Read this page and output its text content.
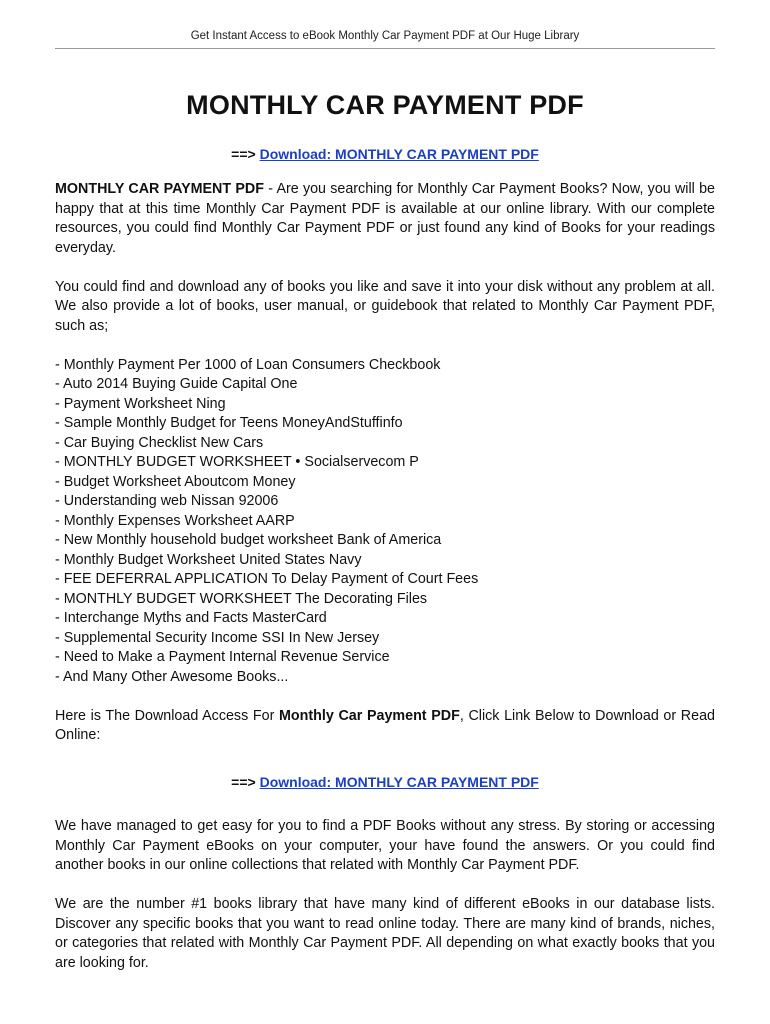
Get Instant Access to eBook Monthly Car Payment PDF at Our Huge Library
MONTHLY CAR PAYMENT PDF
==> Download: MONTHLY CAR PAYMENT PDF

MONTHLY CAR PAYMENT PDF - Are you searching for Monthly Car Payment Books? Now, you will be happy that at this time Monthly Car Payment PDF is available at our online library. With our complete resources, you could find Monthly Car Payment PDF or just found any kind of Books for your readings everyday.

You could find and download any of books you like and save it into your disk without any problem at all. We also provide a lot of books, user manual, or guidebook that related to Monthly Car Payment PDF, such as;

- Monthly Payment Per 1000 of Loan Consumers Checkbook
- Auto 2014 Buying Guide Capital One
- Payment Worksheet Ning
- Sample Monthly Budget for Teens MoneyAndStuffinfo
- Car Buying Checklist New Cars
- MONTHLY BUDGET WORKSHEET • Socialservecom P
- Budget Worksheet Aboutcom Money
- Understanding web Nissan 92006
- Monthly Expenses Worksheet AARP
- New Monthly household budget worksheet Bank of America
- Monthly Budget Worksheet United States Navy
- FEE DEFERRAL APPLICATION To Delay Payment of Court Fees
- MONTHLY BUDGET WORKSHEET The Decorating Files
- Interchange Myths and Facts MasterCard
- Supplemental Security Income SSI In New Jersey
- Need to Make a Payment Internal Revenue Service
- And Many Other Awesome Books...

Here is The Download Access For Monthly Car Payment PDF, Click Link Below to Download or Read Online:

==> Download: MONTHLY CAR PAYMENT PDF

We have managed to get easy for you to find a PDF Books without any stress. By storing or accessing Monthly Car Payment eBooks on your computer, your have found the answers. Or you could find another books in our online collections that related with Monthly Car Payment PDF.

We are the number #1 books library that have many kind of different eBooks in our database lists. Discover any specific books that you want to read online today. There are many kind of brands, niches, or categories that related with Monthly Car Payment PDF. All depending on what exactly books that you are looking for.
